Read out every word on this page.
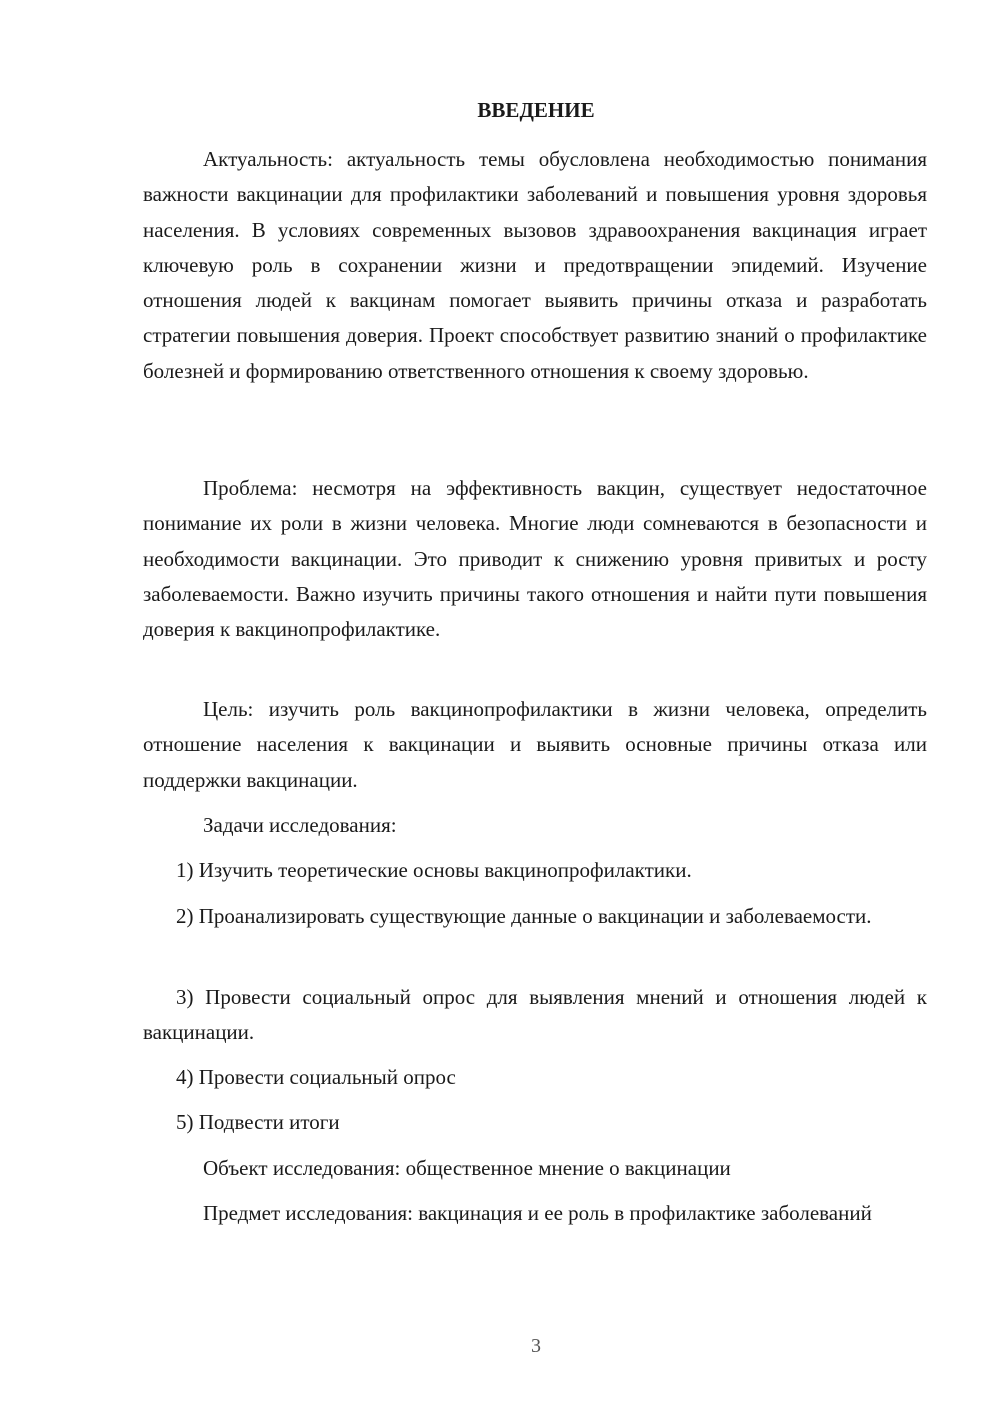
ВВЕДЕНИЕ

Актуальность: актуальность темы обусловлена необходимостью понимания важности вакцинации для профилактики заболеваний и повышения уровня здоровья населения. В условиях современных вызовов здравоохранения вакцинация играет ключевую роль в сохранении жизни и предотвращении эпидемий. Изучение отношения людей к вакцинам помогает выявить причины отказа и разработать стратегии повышения доверия. Проект способствует развитию знаний о профилактике болезней и формированию ответственного отношения к своему здоровью.

Проблема: несмотря на эффективность вакцин, существует недостаточное понимание их роли в жизни человека. Многие люди сомневаются в безопасности и необходимости вакцинации. Это приводит к снижению уровня привитых и росту заболеваемости. Важно изучить причины такого отношения и найти пути повышения доверия к вакцинопрофилактике.

Цель: изучить роль вакцинопрофилактики в жизни человека, определить отношение населения к вакцинации и выявить основные причины отказа или поддержки вакцинации.

Задачи исследования:

1) Изучить теоретические основы вакцинопрофилактики.

2) Проанализировать существующие данные о вакцинации и заболеваемости.

3) Провести социальный опрос для выявления мнений и отношения людей к вакцинации.

4) Провести социальный опрос

5) Подвести итоги

Объект исследования: общественное мнение о вакцинации

Предмет исследования: вакцинация и ее роль в профилактике заболеваний

3
